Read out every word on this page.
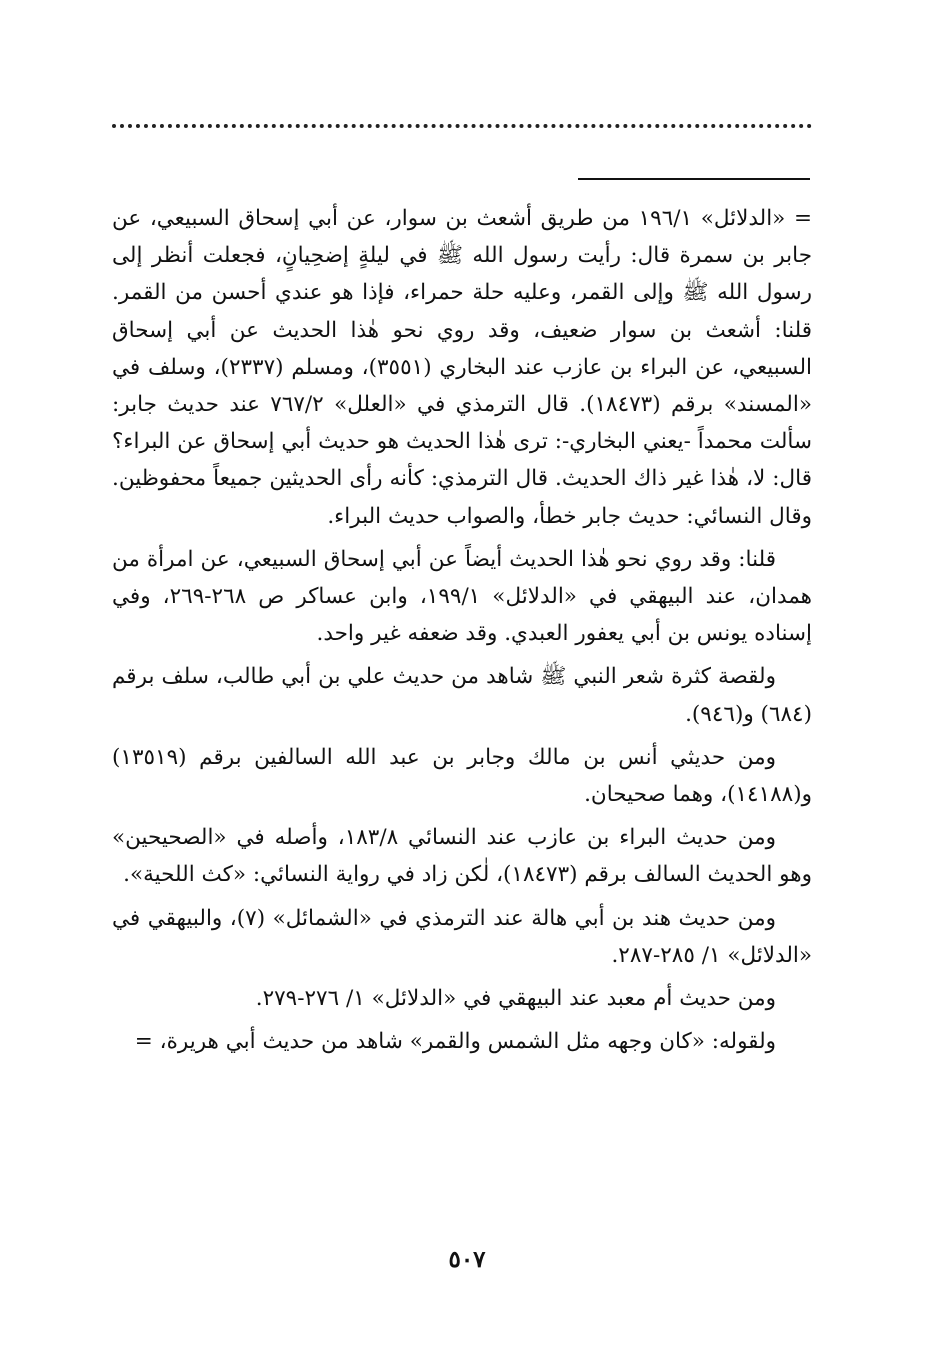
= «الدلائل» ١٩٦/١ من طريق أشعث بن سوار، عن أبي إسحاق السبيعي، عن جابر بن سمرة قال: رأيت رسول الله ﷺ في ليلةٍ إضحِيانٍ، فجعلت أنظر إلى رسول الله ﷺ وإلى القمر، وعليه حلة حمراء، فإذا هو عندي أحسن من القمر. قلنا: أشعث بن سوار ضعيف، وقد روي نحو هٰذا الحديث عن أبي إسحاق السبيعي، عن البراء بن عازب عند البخاري (٣٥٥١)، ومسلم (٢٣٣٧)، وسلف في «المسند» برقم (١٨٤٧٣). قال الترمذي في «العلل» ٧٦٧/٢ عند حديث جابر: سألت محمداً -يعني البخاري-: ترى هٰذا الحديث هو حديث أبي إسحاق عن البراء؟ قال: لا، هٰذا غير ذاك الحديث. قال الترمذي: كأنه رأى الحديثين جميعاً محفوظين. وقال النسائي: حديث جابر خطأ، والصواب حديث البراء.

قلنا: وقد روي نحو هٰذا الحديث أيضاً عن أبي إسحاق السبيعي، عن امرأة من همدان، عند البيهقي في «الدلائل» ١٩٩/١، وابن عساكر ص ٢٦٨-٢٦٩، وفي إسناده يونس بن أبي يعفور العبدي. وقد ضعفه غير واحد.

ولقصة كثرة شعر النبي ﷺ شاهد من حديث علي بن أبي طالب، سلف برقم (٦٨٤) و(٩٤٦).

ومن حديثي أنس بن مالك وجابر بن عبد الله السالفين برقم (١٣٥١٩) و(١٤١٨٨)، وهما صحيحان.

ومن حديث البراء بن عازب عند النسائي ١٨٣/٨، وأصله في «الصحيحين» وهو الحديث السالف برقم (١٨٤٧٣)، لٰكن زاد في رواية النسائي: «كث اللحية».

ومن حديث هند بن أبي هالة عند الترمذي في «الشمائل» (٧)، والبيهقي في «الدلائل» ١/ ٢٨٥-٢٨٧.

ومن حديث أم معبد عند البيهقي في «الدلائل» ١/ ٢٧٦-٢٧٩.

ولقوله: «كان وجهه مثل الشمس والقمر» شاهد من حديث أبي هريرة، =

٥٠٧
